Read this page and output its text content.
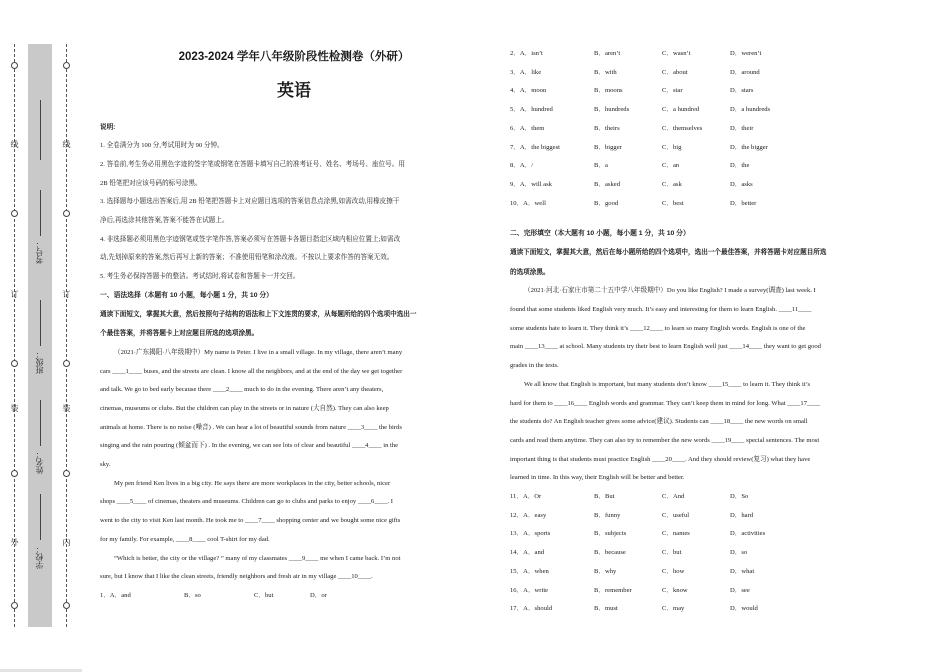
线
订
装
外
考号：
班级：
姓名：
学校：
线
订
装
内
2023-2024 学年八年级阶段性检测卷（外研）
英语
说明:
1. 全卷满分为 100 分,考试用时为 90 分钟。
2. 答卷前,考生务必用黑色字迹的签字笔或钢笔在答题卡填写自己的准考证号、姓名、考场号、座位号。用
2B 铅笔把对应该号码的标号涂黑。
3. 选择题每小题选出答案后,用 2B 铅笔把答题卡上对应题目选项的答案信息点涂黑,如需改动,用橡皮擦干
净后,再选涂其他答案,答案不能答在试题上。
4. 非选择题必须用黑色字迹钢笔或签字笔作答,答案必须写在答题卡各题目指定区域内相应位置上;如需改
动,先划掉原来的答案,然后再写上新的答案；不准使用铅笔和涂改液。不按以上要求作答的答案无效。
5. 考生务必保持答题卡的整洁。考试结时,将试卷和答题卡一并交回。
一、语法选择（本题有 10 小题，每小题 1 分，共 10 分）
通读下面短文，掌握其大意，然后按照句子结构的语法和上下文连贯的要求，从每题所给的四个选项中选出一
个最佳答案，并将答题卡上对应题目所选的选项涂黑。
（2021·广东揭阳·八年级期中）My name is Peter. I live in a small village. In my village, there aren’t many
cars ____1____ buses, and the streets are clean. I know all the neighbors, and at the end of the day we get together
and talk. We go to bed early because there ____2____ much to do in the evening. There aren’t any theaters,
cinemas, museums or clubs. But the children can play in the streets or in nature (大自然). They can also keep
animals at home. There is no noise (噪音) . We can hear a lot of beautiful sounds from nature ____3____ the birds
singing and the rain pouring (倾盆而下) . In the evening, we can see lots of clear and beautiful ____4____ in the
sky.
My pen friend Ken lives in a big city. He says there are more workplaces in the city, better schools, nicer
shops ____5____ of cinemas, theaters and museums. Children can go to clubs and parks to enjoy ____6____. I
went to the city to visit Ken last month. He took me to ____7____ shopping center and we bought some nice gifts
for my family. For example, ____8____ cool T-shirt for my dad.
“Which is better, the city or the village? ” many of my classmates ____9____ me when I came back. I’m not
sure, but I know that I like the clean streets, friendly neighbors and fresh air in my village ____10____.
1．A．and	B．so	C．but	D．or
2．A．isn’t	B．aren’t	C．wasn’t	D．weren’t
3．A．like	B．with	C．about	D．around
4．A．moon	B．moons	C．star	D．stars
5．A．hundred	B．hundreds	C．a hundred	D．a hundreds
6．A．them	B．theirs	C．themselves	D．their
7．A．the biggest	B．bigger	C．big	D．the bigger
8．A．/	B．a	C．an	D．the
9．A．will ask	B．asked	C．ask	D．asks
10．A．well	B．good	C．best	D．better
二、完形填空（本大题有 10 小题，每小题 1 分，共 10 分）
通读下面短文，掌握其大意，然后在每小题所给的四个选项中，选出一个最佳答案，并将答题卡对应题目所选
的选项涂黑。
（2021·河北·石家庄市第二十五中学八年级期中）Do you like English? I made a survey(调查) last week. I
found that some students liked English very much. It’s easy and interesting for them to learn English. ____11____
some students hate to learn it. They think it’s ____12____ to learn so many English words. English is one of the
main ____13____ at school. Many students try their best to learn English well just ____14____ they want to get good
grades in the tests.
We all know that English is important, but many students don’t know ____15____ to learn it. They think it’s
hard for them to ____16____ English words and grammar. They can’t keep them in mind for long. What ____17____
the students do? An English teacher gives some advice(建议). Students can ____18____ the new words on small
cards and read them anytime. They can also try to remember the new words ____19____ special sentences. The most
important thing is that students must practice English ____20____. And they should review(复习) what they have
learned in time. In this way, their English will be better and better.
11．A．Or	B．But	C．And	D．So
12．A．easy	B．funny	C．useful	D．hard
13．A．sports	B．subjects	C．names	D．activities
14．A．and	B．because	C．but	D．so
15．A．when	B．why	C．how	D．what
16．A．write	B．remember	C．know	D．see
17．A．should	B．must	C．may	D．would
